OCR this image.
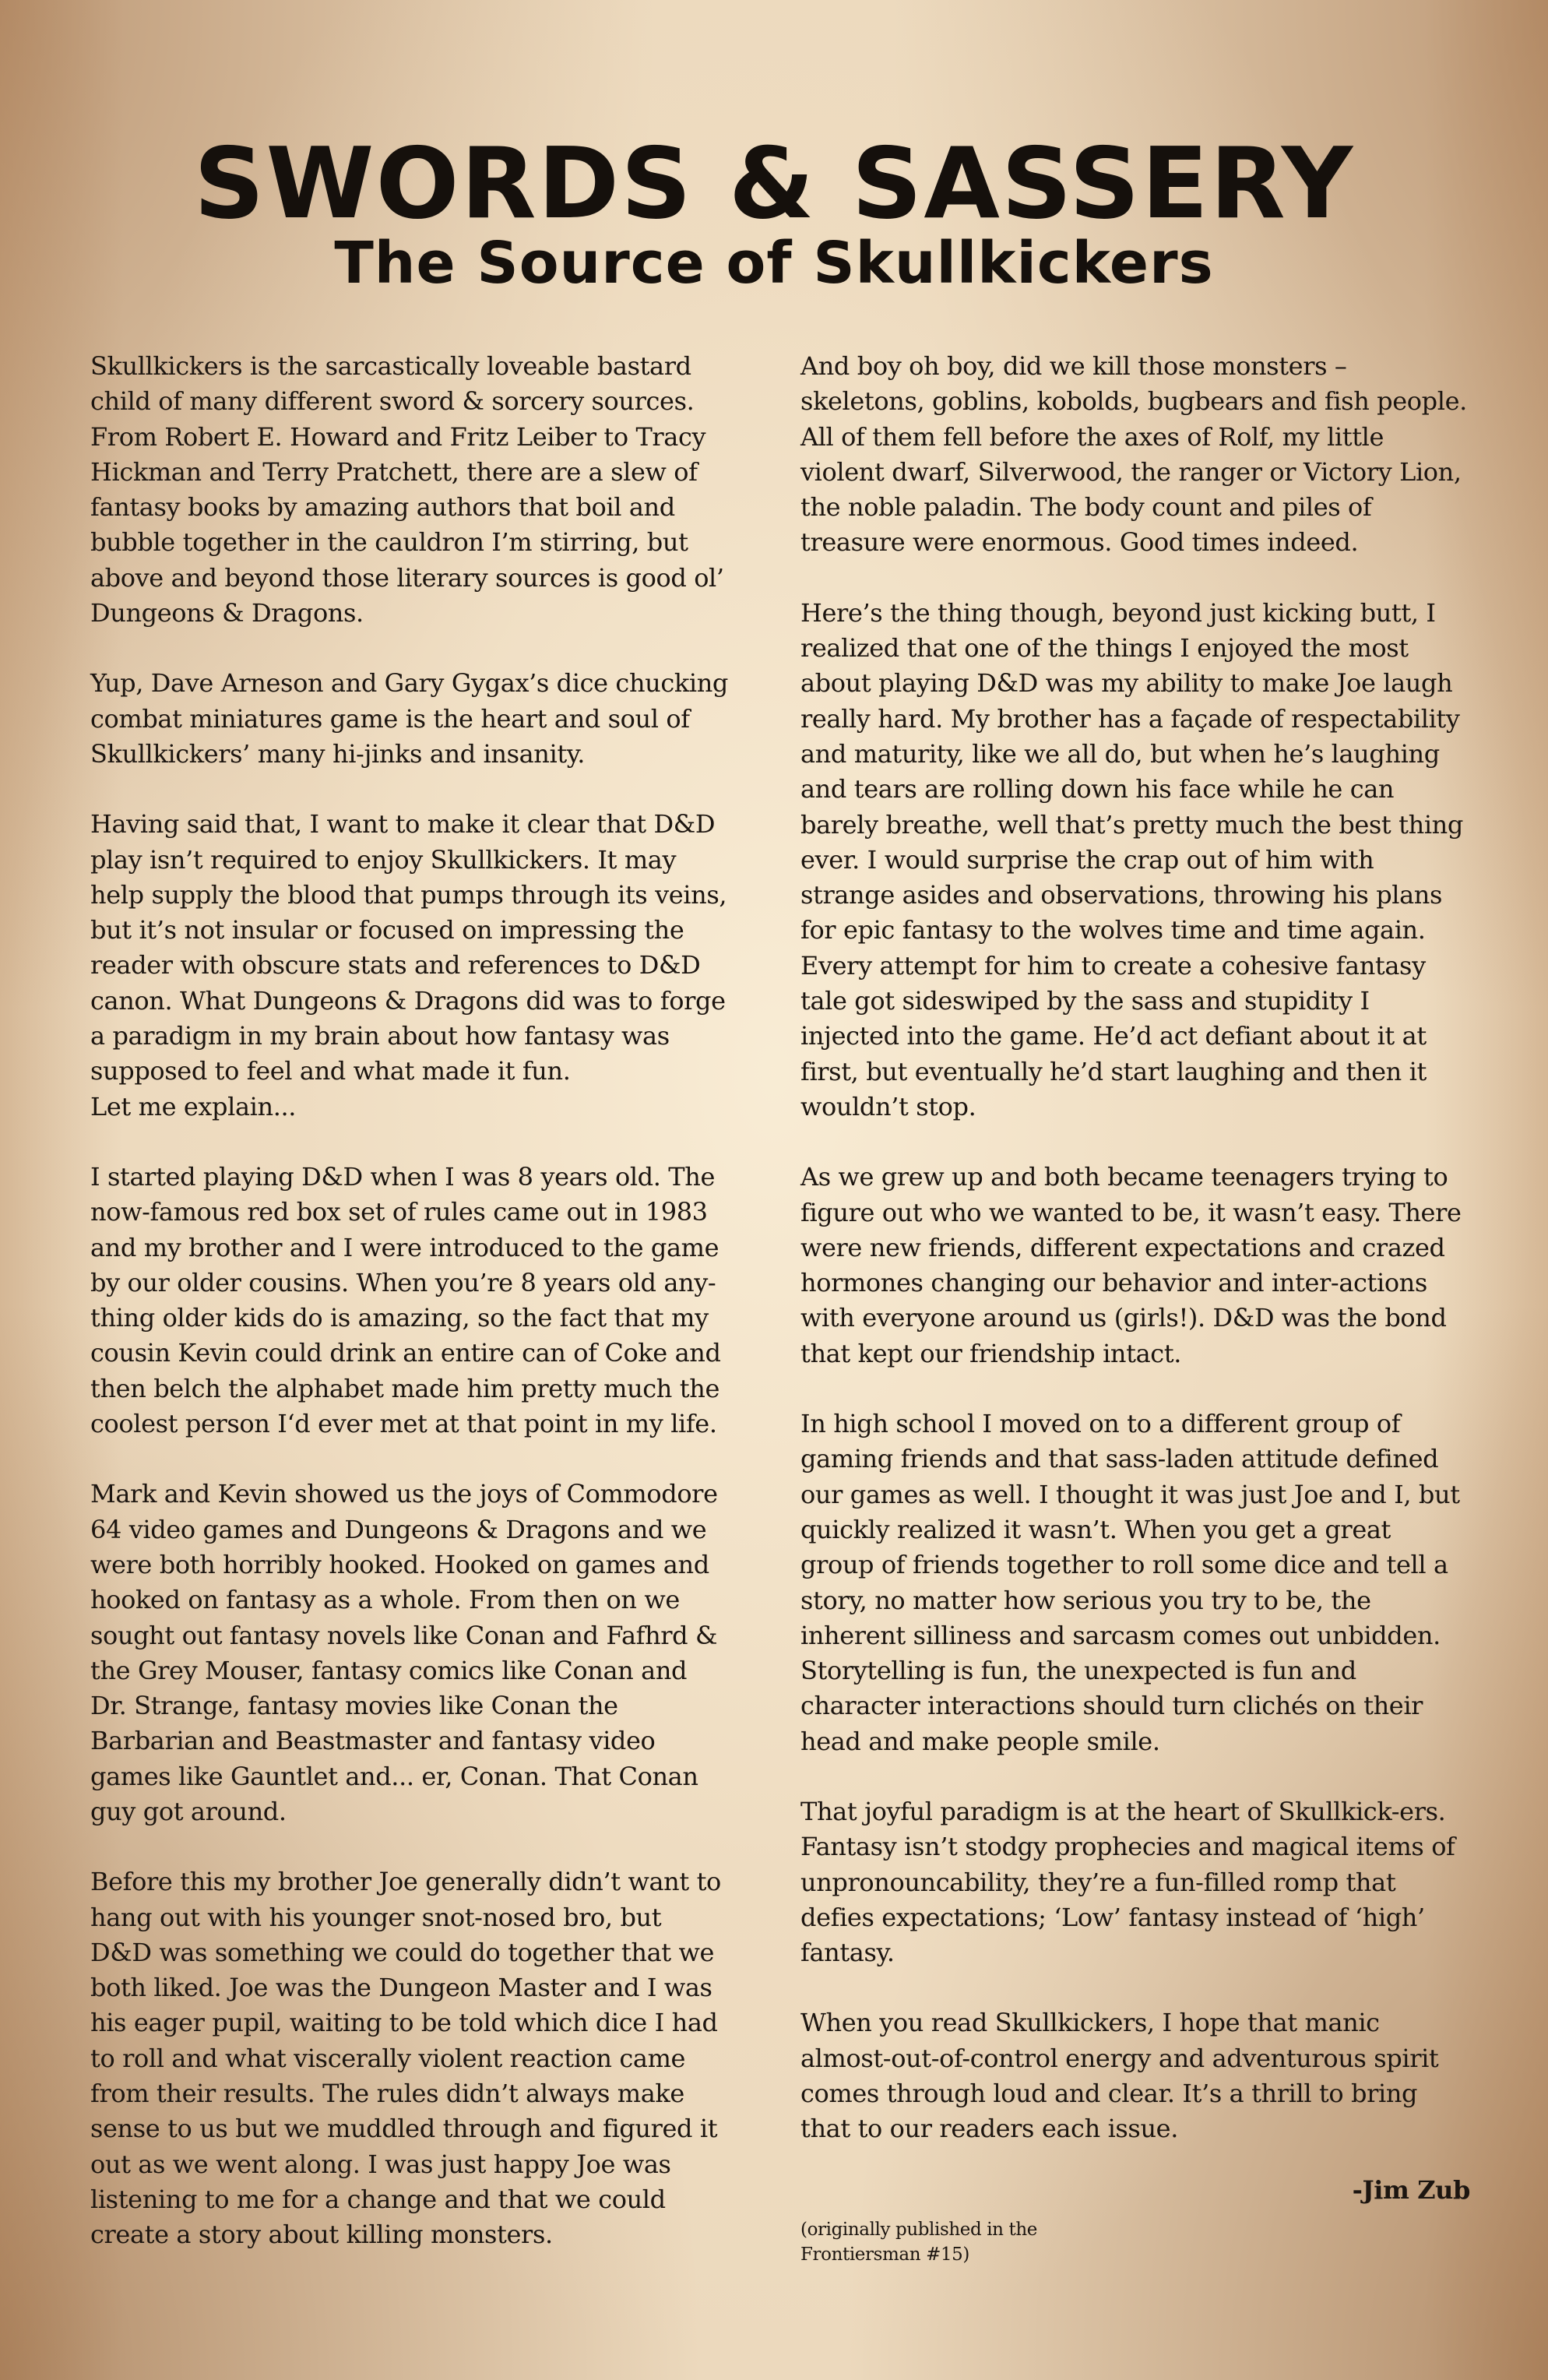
SWORDS & SASSERY
The Source of Skullkickers

Skullkickers is the sarcastically loveable bastard child of many different sword & sorcery sources. From Robert E. Howard and Fritz Leiber to Tracy Hickman and Terry Pratchett, there are a slew of fantasy books by amazing authors that boil and bubble together in the cauldron I’m stirring, but above and beyond those literary sources is good ol’ Dungeons & Dragons.

Yup, Dave Arneson and Gary Gygax’s dice chucking combat miniatures game is the heart and soul of Skullkickers’ many hi-jinks and insanity.

Having said that, I want to make it clear that D&D play isn’t required to enjoy Skullkickers. It may help supply the blood that pumps through its veins, but it’s not insular or focused on impressing the reader with obscure stats and references to D&D canon. What Dungeons & Dragons did was to forge a paradigm in my brain about how fantasy was supposed to feel and what made it fun.
Let me explain...

I started playing D&D when I was 8 years old. The now-famous red box set of rules came out in 1983 and my brother and I were introduced to the game by our older cousins. When you’re 8 years old any-thing older kids do is amazing, so the fact that my cousin Kevin could drink an entire can of Coke and then belch the alphabet made him pretty much the coolest person I‘d ever met at that point in my life.

Mark and Kevin showed us the joys of Commodore 64 video games and Dungeons & Dragons and we were both horribly hooked. Hooked on games and hooked on fantasy as a whole. From then on we sought out fantasy novels like Conan and Fafhrd & the Grey Mouser, fantasy comics like Conan and Dr. Strange, fantasy movies like Conan the Barbarian and Beastmaster and fantasy video games like Gauntlet and... er, Conan. That Conan guy got around.

Before this my brother Joe generally didn’t want to hang out with his younger snot-nosed bro, but D&D was something we could do together that we both liked. Joe was the Dungeon Master and I was his eager pupil, waiting to be told which dice I had to roll and what viscerally violent reaction came from their results. The rules didn’t always make sense to us but we muddled through and figured it out as we went along. I was just happy Joe was listening to me for a change and that we could create a story about killing monsters.

And boy oh boy, did we kill those monsters – skeletons, goblins, kobolds, bugbears and fish people. All of them fell before the axes of Rolf, my little violent dwarf, Silverwood, the ranger or Victory Lion, the noble paladin. The body count and piles of treasure were enormous. Good times indeed.

Here’s the thing though, beyond just kicking butt, I realized that one of the things I enjoyed the most about playing D&D was my ability to make Joe laugh really hard. My brother has a façade of respectability and maturity, like we all do, but when he’s laughing and tears are rolling down his face while he can barely breathe, well that’s pretty much the best thing ever. I would surprise the crap out of him with strange asides and observations, throwing his plans for epic fantasy to the wolves time and time again. Every attempt for him to create a cohesive fantasy tale got sideswiped by the sass and stupidity I injected into the game. He’d act defiant about it at first, but eventually he’d start laughing and then it wouldn’t stop.

As we grew up and both became teenagers trying to figure out who we wanted to be, it wasn’t easy. There were new friends, different expectations and crazed hormones changing our behavior and inter-actions with everyone around us (girls!). D&D was the bond that kept our friendship intact.

In high school I moved on to a different group of gaming friends and that sass-laden attitude defined our games as well. I thought it was just Joe and I, but quickly realized it wasn’t. When you get a great group of friends together to roll some dice and tell a story, no matter how serious you try to be, the inherent silliness and sarcasm comes out unbidden. Storytelling is fun, the unexpected is fun and character interactions should turn clichés on their head and make people smile.

That joyful paradigm is at the heart of Skullkick-ers. Fantasy isn’t stodgy prophecies and magical items of unpronouncability, they’re a fun-filled romp that defies expectations; ‘Low’ fantasy instead of ‘high’ fantasy.

When you read Skullkickers, I hope that manic almost-out-of-control energy and adventurous spirit comes through loud and clear. It’s a thrill to bring that to our readers each issue.

-Jim Zub
(originally published in the Frontiersman #15)
